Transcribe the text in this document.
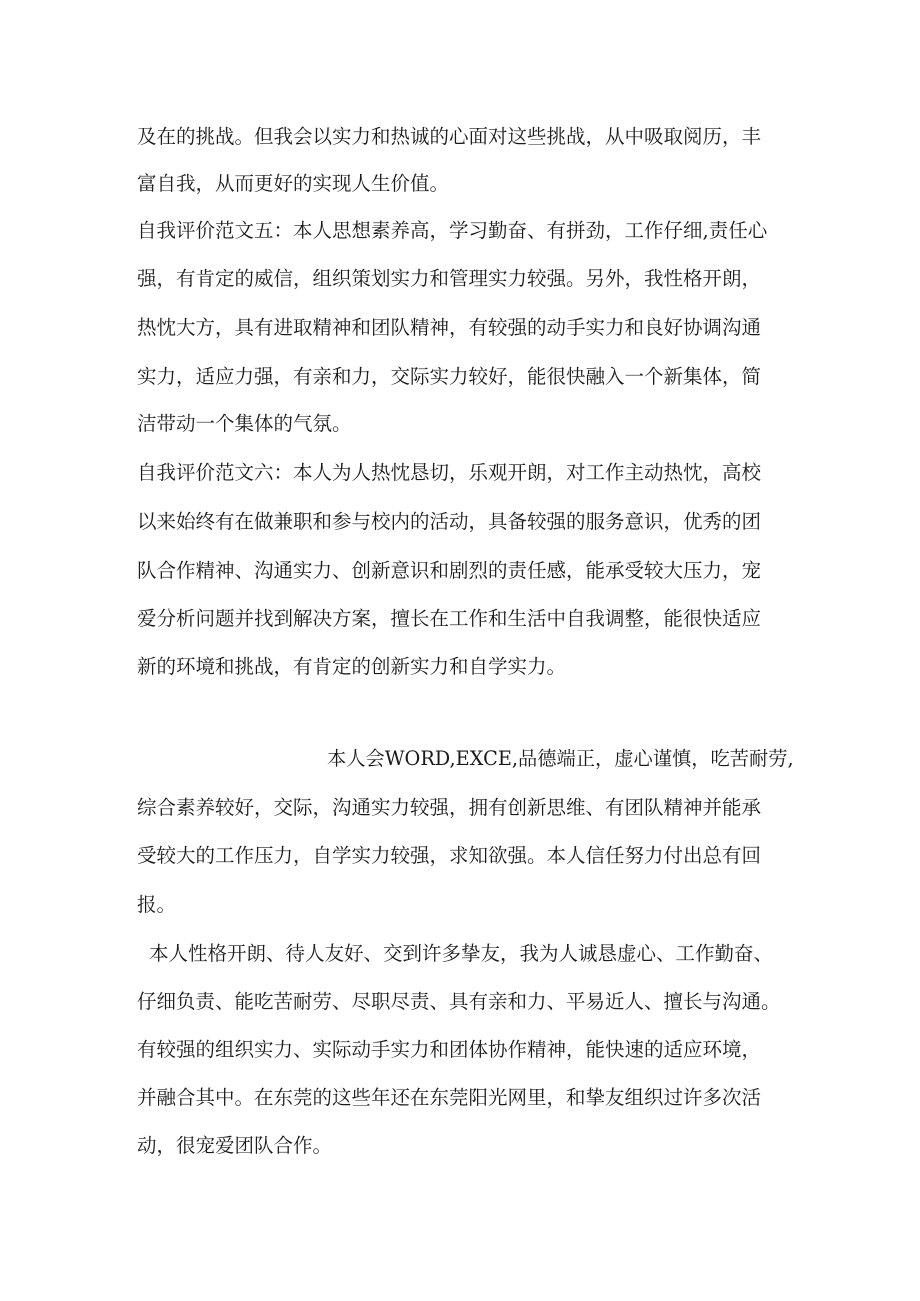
及在的挑战。但我会以实力和热诚的心面对这些挑战，从中吸取阅历，丰

富自我，从而更好的实现人生价值。

自我评价范文五：本人思想素养高，学习勤奋、有拼劲，工作仔细,责任心

强，有肯定的威信，组织策划实力和管理实力较强。另外，我性格开朗，

热忱大方，具有进取精神和团队精神，有较强的动手实力和良好协调沟通

实力，适应力强，有亲和力，交际实力较好，能很快融入一个新集体，简

洁带动一个集体的气氛。

自我评价范文六：本人为人热忱恳切，乐观开朗，对工作主动热忱，高校

以来始终有在做兼职和参与校内的活动，具备较强的服务意识，优秀的团

队合作精神、沟通实力、创新意识和剧烈的责任感，能承受较大压力，宠

爱分析问题并找到解决方案，擅长在工作和生活中自我调整，能很快适应

新的环境和挑战，有肯定的创新实力和自学实力。

本人会WORD,EXCE,品德端正，虚心谨慎，吃苦耐劳,

综合素养较好，交际，沟通实力较强，拥有创新思维、有团队精神并能承

受较大的工作压力，自学实力较强，求知欲强。本人信任努力付出总有回

报。

本人性格开朗、待人友好、交到许多挚友，我为人诚恳虚心、工作勤奋、

仔细负责、能吃苦耐劳、尽职尽责、具有亲和力、平易近人、擅长与沟通。

有较强的组织实力、实际动手实力和团体协作精神，能快速的适应环境，

并融合其中。在东莞的这些年还在东莞阳光网里，和挚友组织过许多次活

动，很宠爱团队合作。
